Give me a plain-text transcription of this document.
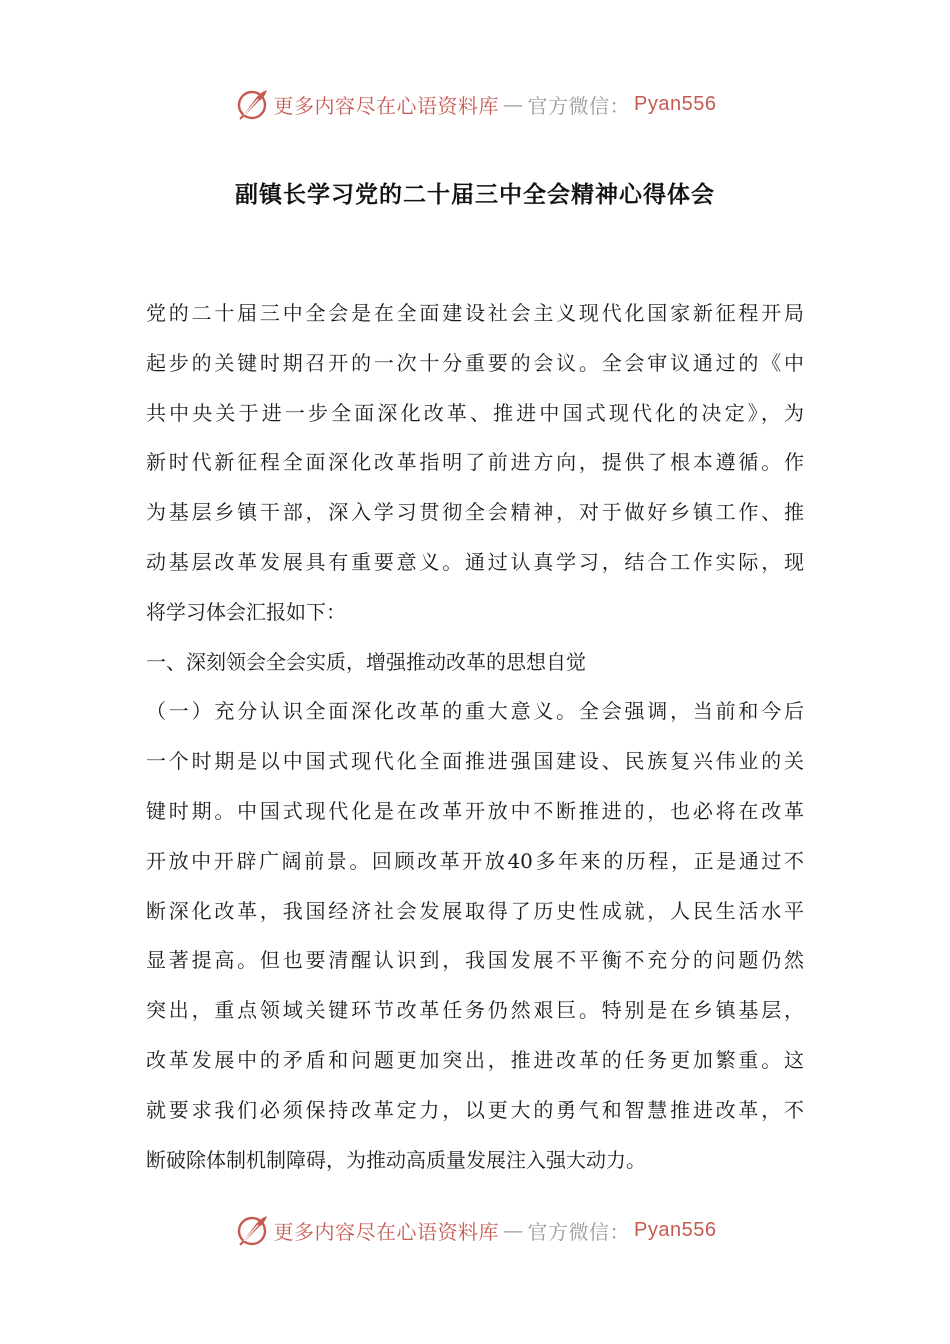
更多内容尽在心语资料库 — 官方微信： Pyan556
副镇长学习党的二十届三中全会精神心得体会
党的二十届三中全会是在全面建设社会主义现代化国家新征程开局
起步的关键时期召开的一次十分重要的会议。全会审议通过的《中
共中央关于进一步全面深化改革、推进中国式现代化的决定》，为
新时代新征程全面深化改革指明了前进方向，提供了根本遵循。作
为基层乡镇干部，深入学习贯彻全会精神，对于做好乡镇工作、推
动基层改革发展具有重要意义。通过认真学习，结合工作实际，现
将学习体会汇报如下：
一、深刻领会全会实质，增强推动改革的思想自觉
（一）充分认识全面深化改革的重大意义。全会强调，当前和今后
一个时期是以中国式现代化全面推进强国建设、民族复兴伟业的关
键时期。中国式现代化是在改革开放中不断推进的，也必将在改革
开放中开辟广阔前景。回顾改革开放40多年来的历程，正是通过不
断深化改革，我国经济社会发展取得了历史性成就，人民生活水平
显著提高。但也要清醒认识到，我国发展不平衡不充分的问题仍然
突出，重点领域关键环节改革任务仍然艰巨。特别是在乡镇基层，
改革发展中的矛盾和问题更加突出，推进改革的任务更加繁重。这
就要求我们必须保持改革定力，以更大的勇气和智慧推进改革，不
断破除体制机制障碍，为推动高质量发展注入强大动力。
更多内容尽在心语资料库 — 官方微信： Pyan556
